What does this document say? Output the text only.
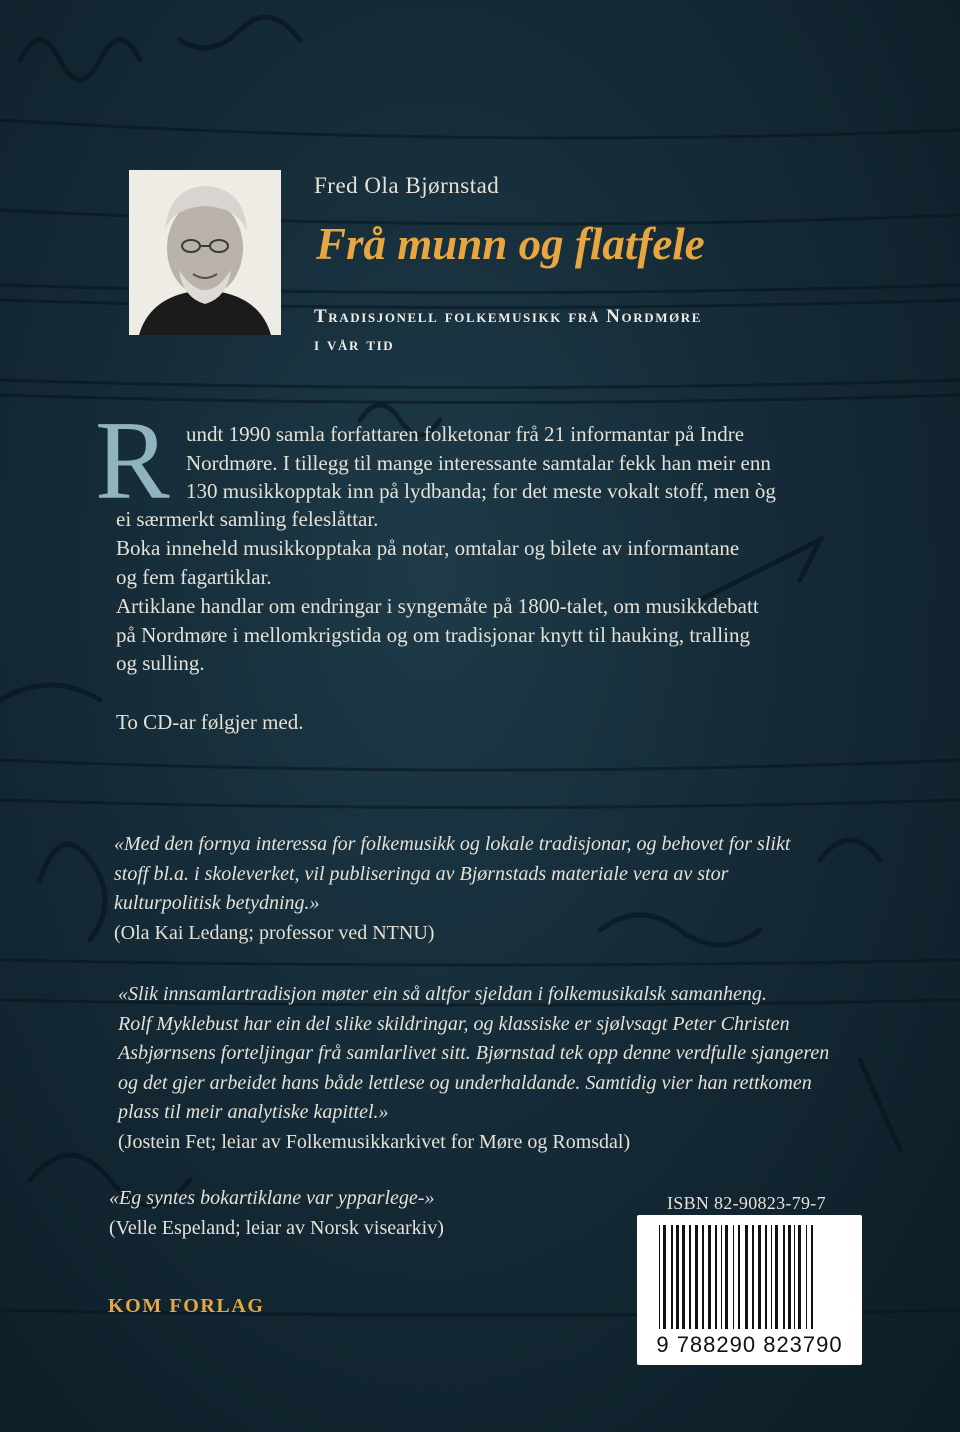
Fred Ola Bjørnstad
Frå munn og flatfele
Tradisjonell folkemusikk frå Nordmøre
i vår tid
R undt 1990 samla forfattaren folketonar frå 21 informantar på Indre
Nordmøre. I tillegg til mange interessante samtalar fekk han meir enn
130 musikkopptak inn på lydbanda; for det meste vokalt stoff, men òg

ei særmerkt samling feleslåttar.

Boka inneheld musikkopptaka på notar, omtalar og bilete av informantane
og fem fagartiklar.

Artiklane handlar om endringar i syngemåte på 1800-talet, om musikkdebatt
på Nordmøre i mellomkrigstida og om tradisjonar knytt til hauking, tralling
og sulling.

To CD-ar følgjer med.

«Med den fornya interessa for folkemusikk og lokale tradisjonar, og behovet for slikt
stoff bl.a. i skoleverket, vil publiseringa av Bjørnstads materiale vera av stor
kulturpolitisk betydning.»
(Ola Kai Ledang; professor ved NTNU)
«Slik innsamlartradisjon møter ein så altfor sjeldan i folkemusikalsk samanheng.
Rolf Myklebust har ein del slike skildringar, og klassiske er sjølvsagt Peter Christen
Asbjørnsens forteljingar frå samlarlivet sitt. Bjørnstad tek opp denne verdfulle sjangeren
og det gjer arbeidet hans både lettlese og underhaldande. Samtidig vier han rettkomen
plass til meir analytiske kapittel.»
(Jostein Fet; leiar av Folkemusikkarkivet for Møre og Romsdal)
«Eg syntes bokartiklane var ypparlege-»
(Velle Espeland; leiar av Norsk visearkiv)
KOM FORLAG
ISBN 82-90823-79-7
9 788290 823790
